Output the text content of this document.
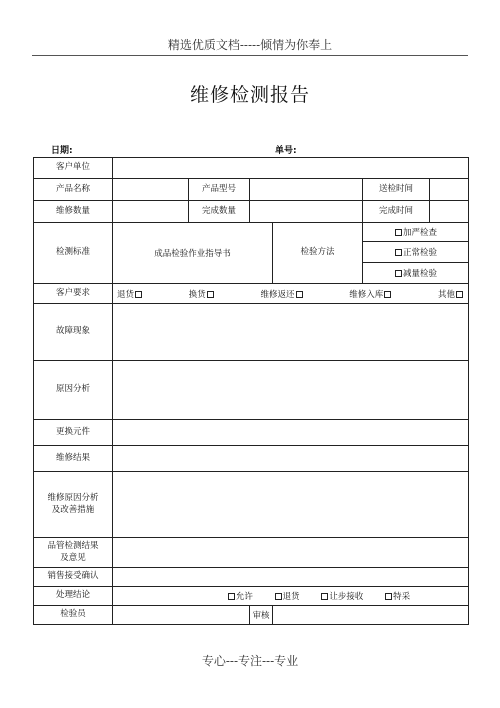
精选优质文档-----倾情为你奉上
维修检测报告
日期:	单号:
客户单位						
产品名称		产品型号			送检时间	
维修数量		完成数量			完成时间	
检测标准	成品检验作业指导书			检验方法	加严检查	
					正常检验	
					减量检验	
客户要求	退货 换货 维修返还 维修入库 其他					

故障现象						
原因分析						
更换元件						
维修结果						
维修原因分析
及改善措施						
品管检测结果
及意见						
销售接受确认						
处理结论	允许 退货 让步接收 特采					
检验员			审核			
专心---专注---专业
